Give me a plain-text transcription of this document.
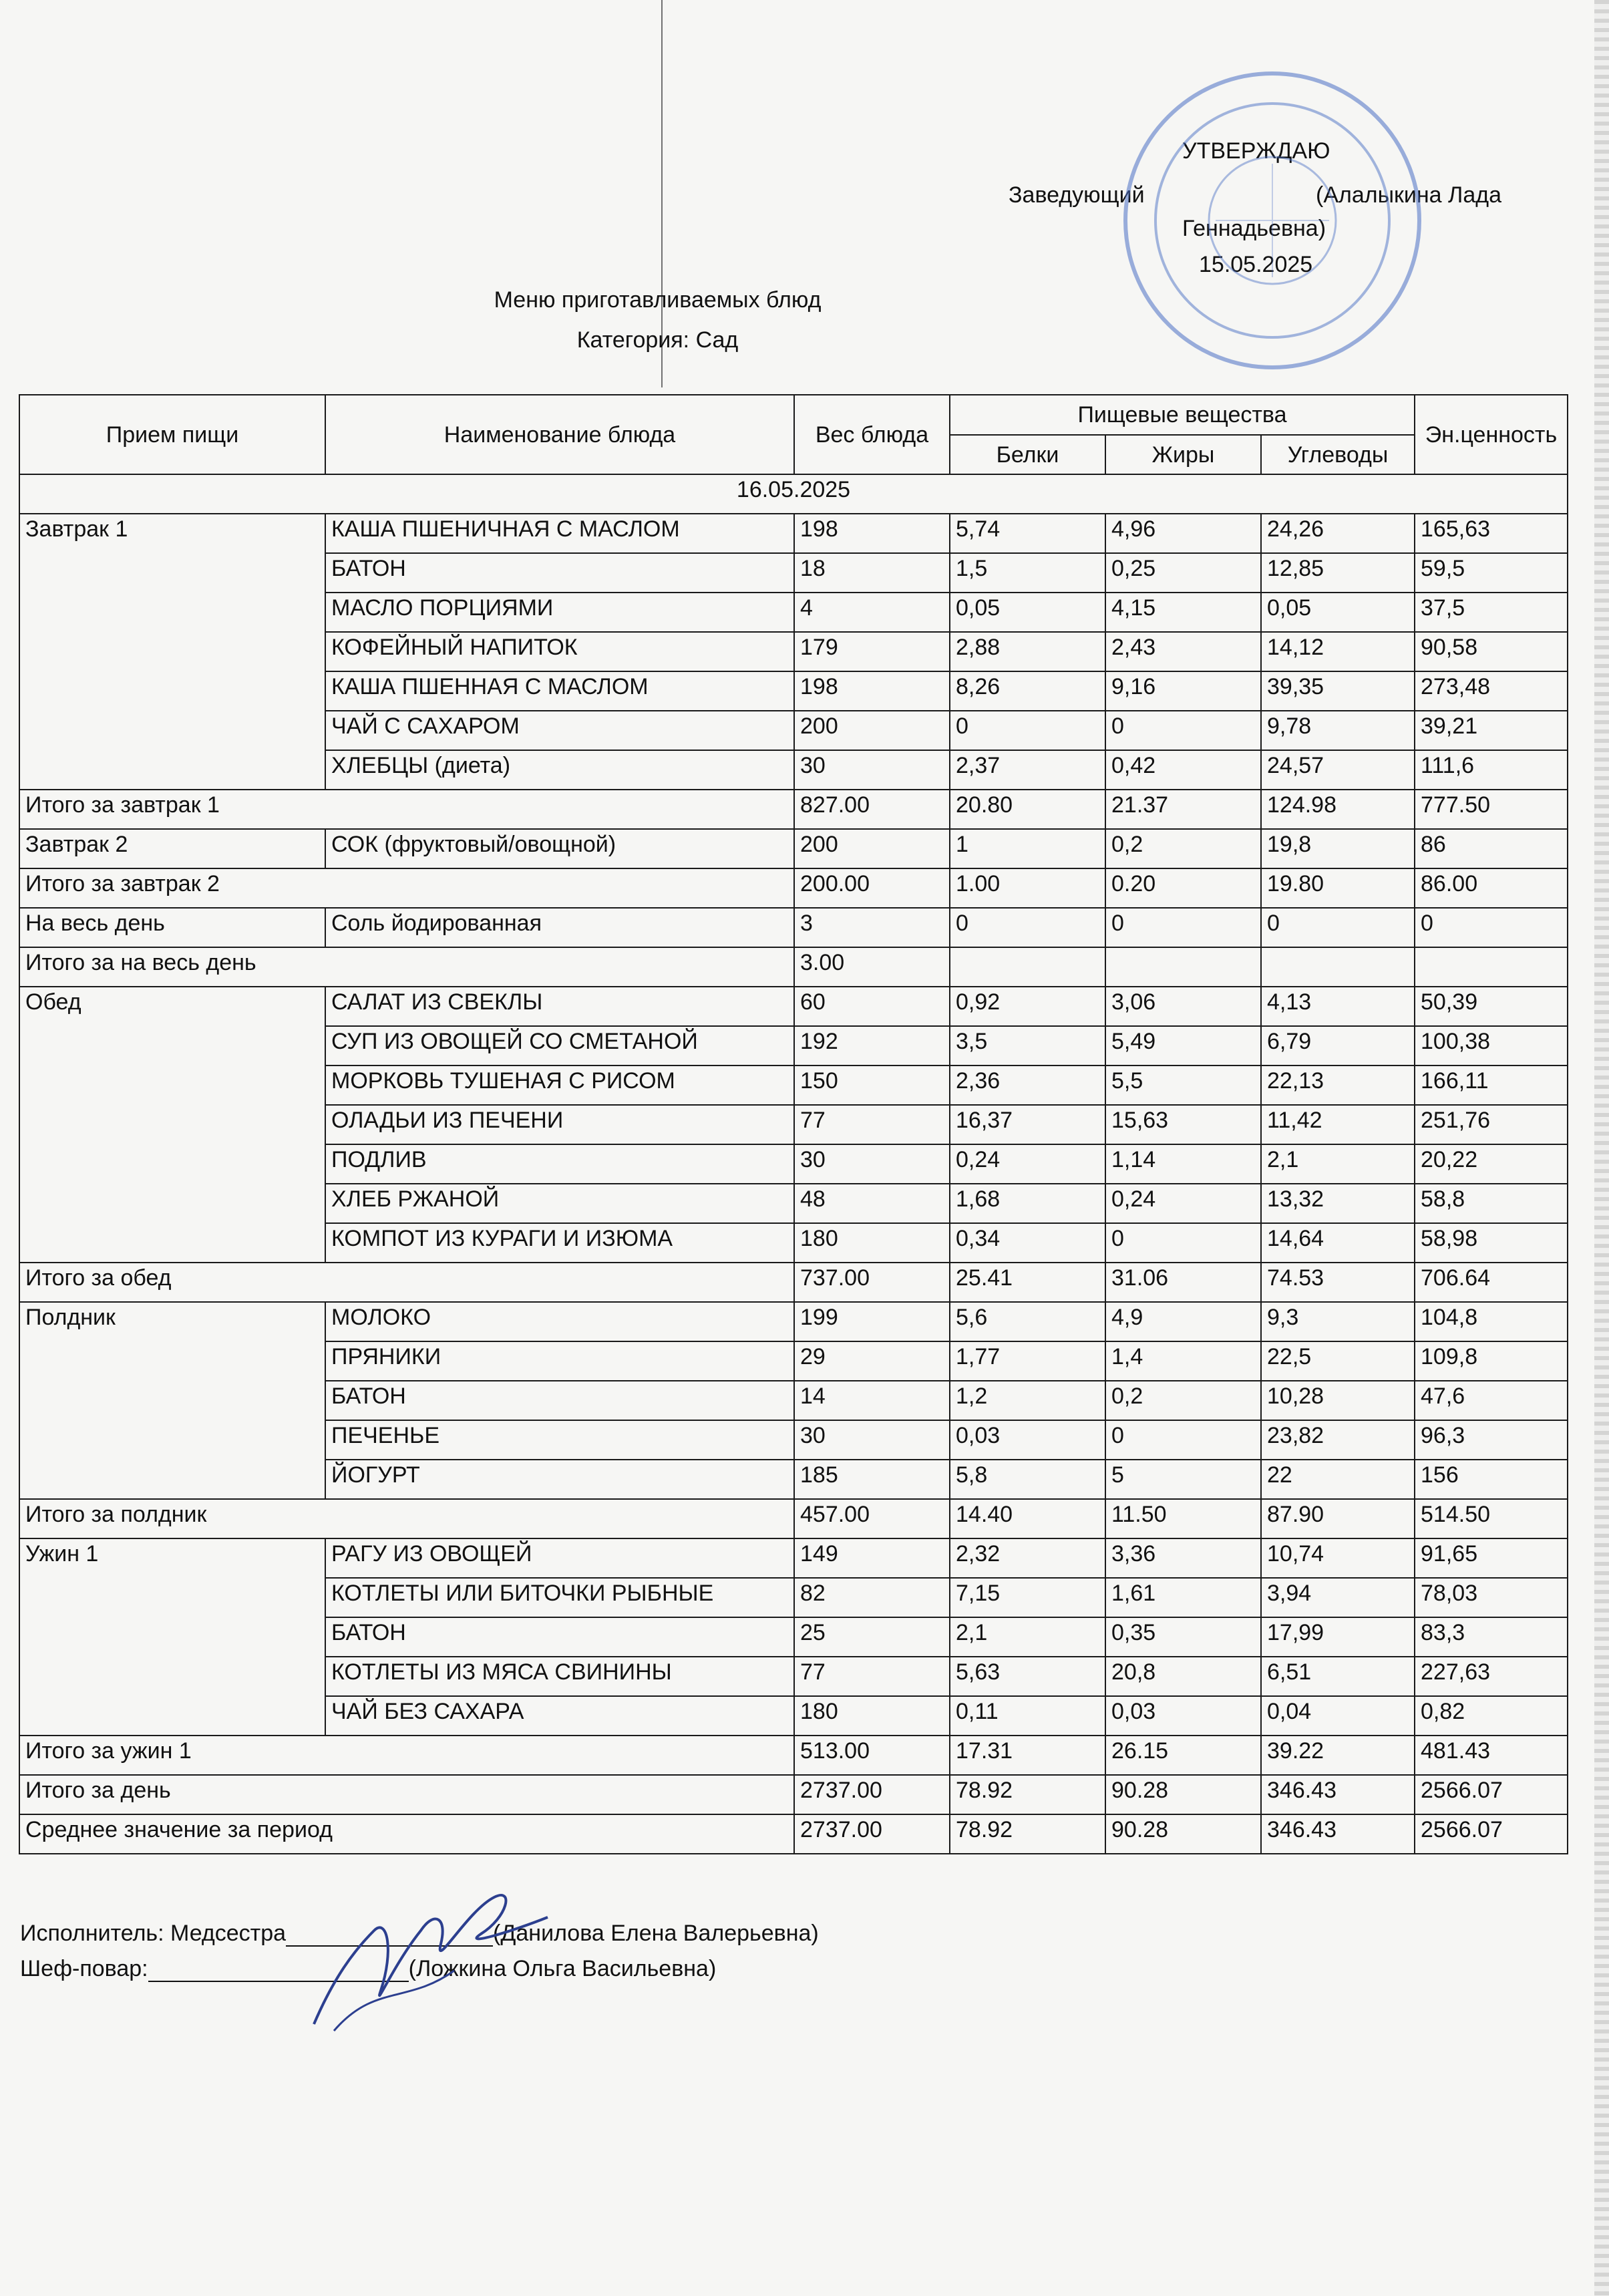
УТВЕРЖДАЮ
Заведующий	(Алалыкина Лада
Геннадьевна)
15.05.2025
Меню приготавливаемых блюд
Категория: Сад
Прием пищи	Наименование блюда	Вес блюда	Пищевые вещества			Эн.ценность
			Белки	Жиры	Углеводы	
16.05.2025						
Завтрак 1	КАША ПШЕНИЧНАЯ С МАСЛОМ	198	5,74	4,96	24,26	165,63
	БАТОН	18	1,5	0,25	12,85	59,5
	МАСЛО ПОРЦИЯМИ	4	0,05	4,15	0,05	37,5
	КОФЕЙНЫЙ НАПИТОК	179	2,88	2,43	14,12	90,58
	КАША ПШЕННАЯ С МАСЛОМ	198	8,26	9,16	39,35	273,48
	ЧАЙ С САХАРОМ	200	0	0	9,78	39,21
	ХЛЕБЦЫ (диета)	30	2,37	0,42	24,57	111,6
Итого за завтрак 1		827.00	20.80	21.37	124.98	777.50
Завтрак 2	СОК (фруктовый/овощной)	200	1	0,2	19,8	86
Итого за завтрак 2		200.00	1.00	0.20	19.80	86.00
На весь день	Соль йодированная	3	0	0	0	0
Итого за на весь день		3.00				
Обед	САЛАТ ИЗ СВЕКЛЫ	60	0,92	3,06	4,13	50,39
	СУП ИЗ ОВОЩЕЙ СО СМЕТАНОЙ	192	3,5	5,49	6,79	100,38
	МОРКОВЬ ТУШЕНАЯ С РИСОМ	150	2,36	5,5	22,13	166,11
	ОЛАДЬИ ИЗ ПЕЧЕНИ	77	16,37	15,63	11,42	251,76
	ПОДЛИВ	30	0,24	1,14	2,1	20,22
	ХЛЕБ РЖАНОЙ	48	1,68	0,24	13,32	58,8
	КОМПОТ ИЗ КУРАГИ И ИЗЮМА	180	0,34	0	14,64	58,98
Итого за обед		737.00	25.41	31.06	74.53	706.64
Полдник	МОЛОКО	199	5,6	4,9	9,3	104,8
	ПРЯНИКИ	29	1,77	1,4	22,5	109,8
	БАТОН	14	1,2	0,2	10,28	47,6
	ПЕЧЕНЬЕ	30	0,03	0	23,82	96,3
	ЙОГУРТ	185	5,8	5	22	156
Итого за полдник		457.00	14.40	11.50	87.90	514.50
Ужин 1	РАГУ ИЗ ОВОЩЕЙ	149	2,32	3,36	10,74	91,65
	КОТЛЕТЫ ИЛИ БИТОЧКИ РЫБНЫЕ	82	7,15	1,61	3,94	78,03
	БАТОН	25	2,1	0,35	17,99	83,3
	КОТЛЕТЫ ИЗ МЯСА СВИНИНЫ	77	5,63	20,8	6,51	227,63
	ЧАЙ БЕЗ САХАРА	180	0,11	0,03	0,04	0,82
Итого за ужин 1		513.00	17.31	26.15	39.22	481.43
Итого за день		2737.00	78.92	90.28	346.43	2566.07
Среднее значение за период		2737.00	78.92	90.28	346.43	2566.07
Исполнитель: Медсестра	(Данилова Елена Валерьевна)
Шеф-повар:	(Ложкина Ольга Васильевна)
